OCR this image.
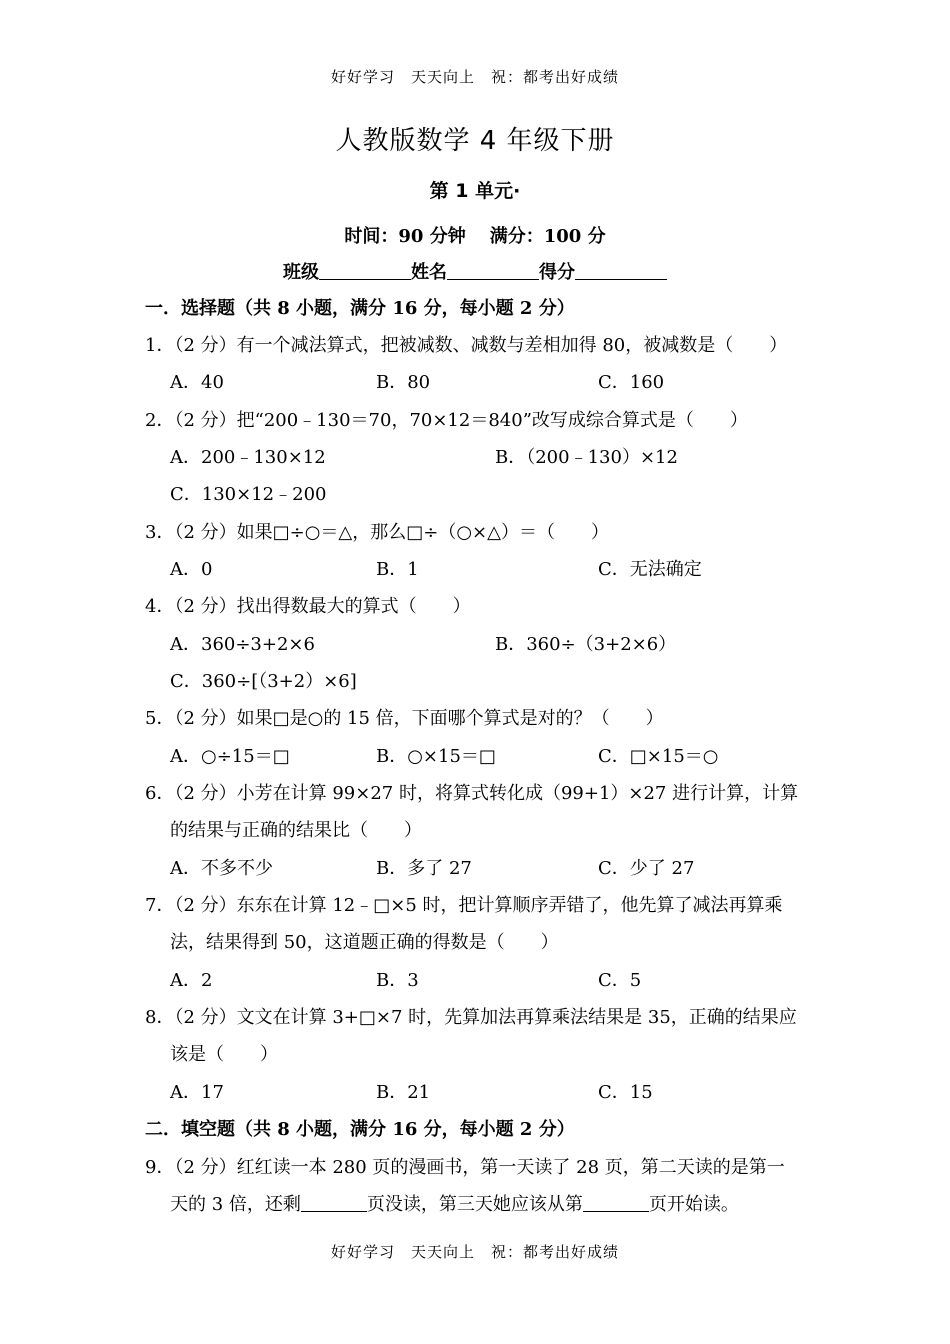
好好学习　天天向上　祝：都考出好成绩
人教版数学 4 年级下册
第 1 单元·
时间：90 分钟 满分：100 分
班级	姓名	得分
一．选择题（共 8 小题，满分 16 分，每小题 2 分）
1．（2 分）有一个减法算式，把被减数、减数与差相加得 80，被减数是（　　）
A．40	B．80	C．160
2．（2 分）把“200﹣130＝70，70×12＝840”改写成综合算式是（　　）
A．200﹣130×12	B．（200﹣130）×12
C．130×12﹣200
3．（2 分）如果□÷○＝△，那么□÷（○×△）＝（　　）
A．0	B．1	C．无法确定
4．（2 分）找出得数最大的算式（　　）
A．360÷3+2×6	B．360÷（3+2×6）
C．360÷[（3+2）×6]
5．（2 分）如果□是○的 15 倍，下面哪个算式是对的？（　　）
A．○÷15＝□	B．○×15＝□	C．□×15＝○
6．（2 分）小芳在计算 99×27 时，将算式转化成（99+1）×27 进行计算，计算
的结果与正确的结果比（　　）
A．不多不少	B．多了 27	C．少了 27
7．（2 分）东东在计算 12﹣□×5 时，把计算顺序弄错了，他先算了减法再算乘
法，结果得到 50，这道题正确的得数是（　　）
A．2	B．3	C．5
8．（2 分）文文在计算 3+□×7 时，先算加法再算乘法结果是 35，正确的结果应
该是（　　）
A．17	B．21	C．15
二．填空题（共 8 小题，满分 16 分，每小题 2 分）
9．（2 分）红红读一本 280 页的漫画书，第一天读了 28 页，第二天读的是第一
天的 3 倍，还剩	页没读，第三天她应该从第	页开始读。
好好学习　天天向上　祝：都考出好成绩
